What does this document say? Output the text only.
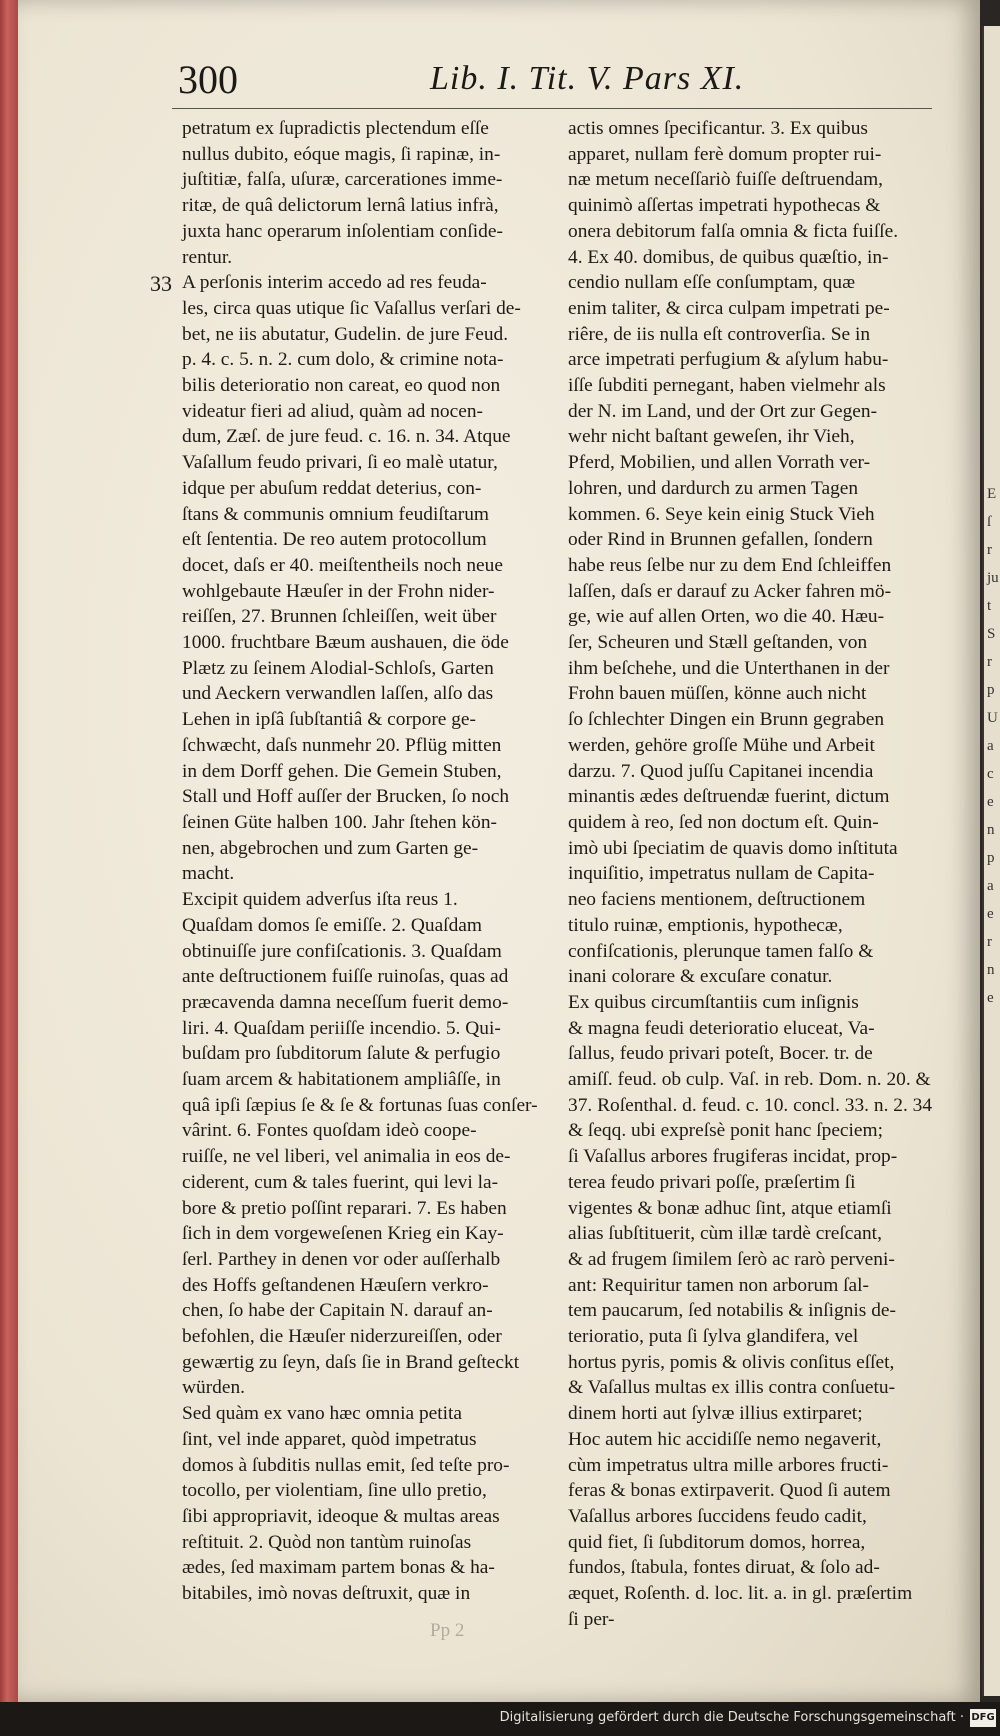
E
ſ
r
ju
t
S
r
p
U
a
c
e
n
p
a
e
r
n
e
300	Lib. I. Tit. V. Pars XI.
33
petratum ex ſupradictis plectendum eſſe
nullus dubito, eóque magis, ſi rapinæ, in-
juſtitiæ, falſa, uſuræ, carcerationes imme-
ritæ, de quâ delictorum lernâ latius infrà,
juxta hanc operarum inſolentiam conſide-
rentur.
A perſonis interim accedo ad res feuda-
les, circa quas utique ſic Vaſallus verſari de-
bet, ne iis abutatur, Gudelin. de jure Feud.
p. 4. c. 5. n. 2. cum dolo, & crimine nota-
bilis deterioratio non careat, eo quod non
videatur fieri ad aliud, quàm ad nocen-
dum, Zæſ. de jure feud. c. 16. n. 34. Atque
Vaſallum feudo privari, ſi eo malè utatur,
idque per abuſum reddat deterius, con-
ſtans & communis omnium feudiſtarum
eſt ſententia. De reo autem protocollum
docet, daſs er 40. meiſtentheils noch neue
wohlgebaute Hæuſer in der Frohn nider-
reiſſen, 27. Brunnen ſchleiſſen, weit über
1000. fruchtbare Bæum aushauen, die öde
Plætz zu ſeinem Alodial-Schloſs, Garten
und Aeckern verwandlen laſſen, alſo das
Lehen in ipſâ ſubſtantiâ & corpore ge-
ſchwæcht, daſs nunmehr 20. Pflüg mitten
in dem Dorff gehen. Die Gemein Stuben,
Stall und Hoff auſſer der Brucken, ſo noch
ſeinen Güte halben 100. Jahr ſtehen kön-
nen, abgebrochen und zum Garten ge-
macht.
Excipit quidem adverſus iſta reus 1.
Quaſdam domos ſe emiſſe. 2. Quaſdam
obtinuiſſe jure confiſcationis. 3. Quaſdam
ante deſtructionem fuiſſe ruinoſas, quas ad
præcavenda damna neceſſum fuerit demo-
liri. 4. Quaſdam periiſſe incendio. 5. Qui-
buſdam pro ſubditorum ſalute & perfugio
ſuam arcem & habitationem ampliâſſe, in
quâ ipſi ſæpius ſe & ſe & fortunas ſuas conſer-
vârint. 6. Fontes quoſdam ideò coope-
ruiſſe, ne vel liberi, vel animalia in eos de-
ciderent, cum & tales fuerint, qui levi la-
bore & pretio poſſint reparari. 7. Es haben
ſich in dem vorgeweſenen Krieg ein Kay-
ſerl. Parthey in denen vor oder auſſerhalb
des Hoffs geſtandenen Hæuſern verkro-
chen, ſo habe der Capitain N. darauf an-
befohlen, die Hæuſer niderzureiſſen, oder
gewærtig zu ſeyn, daſs ſie in Brand geſteckt
würden.
Sed quàm ex vano hæc omnia petita
ſint, vel inde apparet, quòd impetratus
domos à ſubditis nullas emit, ſed teſte pro-
tocollo, per violentiam, ſine ullo pretio,
ſibi appropriavit, ideoque & multas areas
reſtituit. 2. Quòd non tantùm ruinoſas
ædes, ſed maximam partem bonas & ha-
bitabiles, imò novas deſtruxit, quæ in
actis omnes ſpecificantur. 3. Ex quibus
apparet, nullam ferè domum propter rui-
næ metum neceſſariò fuiſſe deſtruendam,
quinimò aſſertas impetrati hypothecas &
onera debitorum falſa omnia & ficta fuiſſe.
4. Ex 40. domibus, de quibus quæſtio, in-
cendio nullam eſſe conſumptam, quæ
enim taliter, & circa culpam impetrati pe-
riêre, de iis nulla eſt controverſia. Se in
arce impetrati perfugium & aſylum habu-
iſſe ſubditi pernegant, haben vielmehr als
der N. im Land, und der Ort zur Gegen-
wehr nicht baſtant geweſen, ihr Vieh,
Pferd, Mobilien, und allen Vorrath ver-
lohren, und dardurch zu armen Tagen
kommen. 6. Seye kein einig Stuck Vieh
oder Rind in Brunnen gefallen, ſondern
habe reus ſelbe nur zu dem End ſchleiffen
laſſen, daſs er darauf zu Acker fahren mö-
ge, wie auf allen Orten, wo die 40. Hæu-
ſer, Scheuren und Stæll geſtanden, von
ihm beſchehe, und die Unterthanen in der
Frohn bauen müſſen, könne auch nicht
ſo ſchlechter Dingen ein Brunn gegraben
werden, gehöre groſſe Mühe und Arbeit
darzu. 7. Quod juſſu Capitanei incendia
minantis ædes deſtruendæ fuerint, dictum
quidem à reo, ſed non doctum eſt. Quin-
imò ubi ſpeciatim de quavis domo inſtituta
inquiſitio, impetratus nullam de Capita-
neo faciens mentionem, deſtructionem
titulo ruinæ, emptionis, hypothecæ,
confiſcationis, plerunque tamen falſo &
inani colorare & excuſare conatur.
Ex quibus circumſtantiis cum inſignis
& magna feudi deterioratio eluceat, Va-
ſallus, feudo privari poteſt, Bocer. tr. de
amiſſ. feud. ob culp. Vaſ. in reb. Dom. n. 20. &
37. Roſenthal. d. feud. c. 10. concl. 33. n. 2. 34
& ſeqq. ubi expreſsè ponit hanc ſpeciem;
ſi Vaſallus arbores frugiferas incidat, prop-
terea feudo privari poſſe, præſertim ſi
vigentes & bonæ adhuc ſint, atque etiamſi
alias ſubſtituerit, cùm illæ tardè creſcant,
& ad frugem ſimilem ſerò ac rarò perveni-
ant: Requiritur tamen non arborum ſal-
tem paucarum, ſed notabilis & inſignis de-
terioratio, puta ſi ſylva glandifera, vel
hortus pyris, pomis & olivis conſitus eſſet,
& Vaſallus multas ex illis contra conſuetu-
dinem horti aut ſylvæ illius extirparet;
Hoc autem hic accidiſſe nemo negaverit,
cùm impetratus ultra mille arbores fructi-
feras & bonas extirpaverit. Quod ſi autem
Vaſallus arbores ſuccidens feudo cadit,
quid fiet, ſi ſubditorum domos, horrea,
fundos, ſtabula, fontes diruat, & ſolo ad-
æquet, Roſenth. d. loc. lit. a. in gl. præſertim
ſi per-
Pp 2
Digitalisierung gefördert durch die Deutsche Forschungsgemeinschaft · DFG
